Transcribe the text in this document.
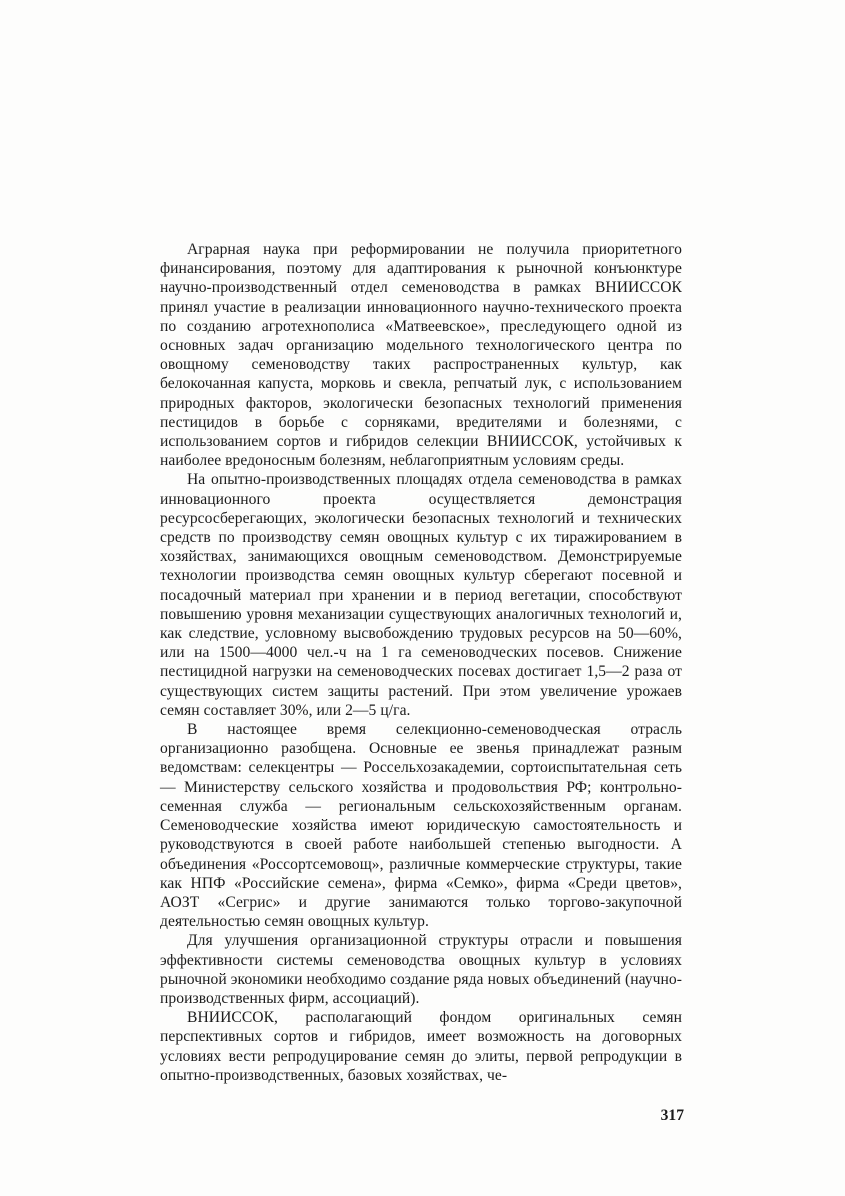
Аграрная наука при реформировании не получила приоритетного финансирования, поэтому для адаптирования к рыночной конъюнктуре научно-производственный отдел семеноводства в рамках ВНИИССОК принял участие в реализации инновационного научно-технического проекта по созданию агротехнополиса «Матвеевское», преследующего одной из основных задач организацию модельного технологического центра по овощному семеноводству таких распространенных культур, как белокочанная капуста, морковь и свекла, репчатый лук, с использованием природных факторов, экологически безопасных технологий применения пестицидов в борьбе с сорняками, вредителями и болезнями, с использованием сортов и гибридов селекции ВНИИССОК, устойчивых к наиболее вредоносным болезням, неблагоприятным условиям среды.

На опытно-производственных площадях отдела семеноводства в рамках инновационного проекта осуществляется демонстрация ресурсосберегающих, экологически безопасных технологий и технических средств по производству семян овощных культур с их тиражированием в хозяйствах, занимающихся овощным семеноводством. Демонстрируемые технологии производства семян овощных культур сберегают посевной и посадочный материал при хранении и в период вегетации, способствуют повышению уровня механизации существующих аналогичных технологий и, как следствие, условному высвобождению трудовых ресурсов на 50—60%, или на 1500—4000 чел.-ч на 1 га семеноводческих посевов. Снижение пестицидной нагрузки на семеноводческих посевах достигает 1,5—2 раза от существующих систем защиты растений. При этом увеличение урожаев семян составляет 30%, или 2—5 ц/га.

В настоящее время селекционно-семеноводческая отрасль организационно разобщена. Основные ее звенья принадлежат разным ведомствам: селекцентры — Россельхозакадемии, сортоиспытательная сеть — Министерству сельского хозяйства и продовольствия РФ; контрольно-семенная служба — региональным сельскохозяйственным органам. Семеноводческие хозяйства имеют юридическую самостоятельность и руководствуются в своей работе наибольшей степенью выгодности. А объединения «Россортсемовощ», различные коммерческие структуры, такие как НПФ «Российские семена», фирма «Семко», фирма «Среди цветов», АОЗТ «Сегрис» и другие занимаются только торгово-закупочной деятельностью семян овощных культур.

Для улучшения организационной структуры отрасли и повышения эффективности системы семеноводства овощных культур в условиях рыночной экономики необходимо создание ряда новых объединений (научно-производственных фирм, ассоциаций).

ВНИИССОК, располагающий фондом оригинальных семян перспективных сортов и гибридов, имеет возможность на договорных условиях вести репродуцирование семян до элиты, первой репродукции в опытно-производственных, базовых хозяйствах, че-

317
